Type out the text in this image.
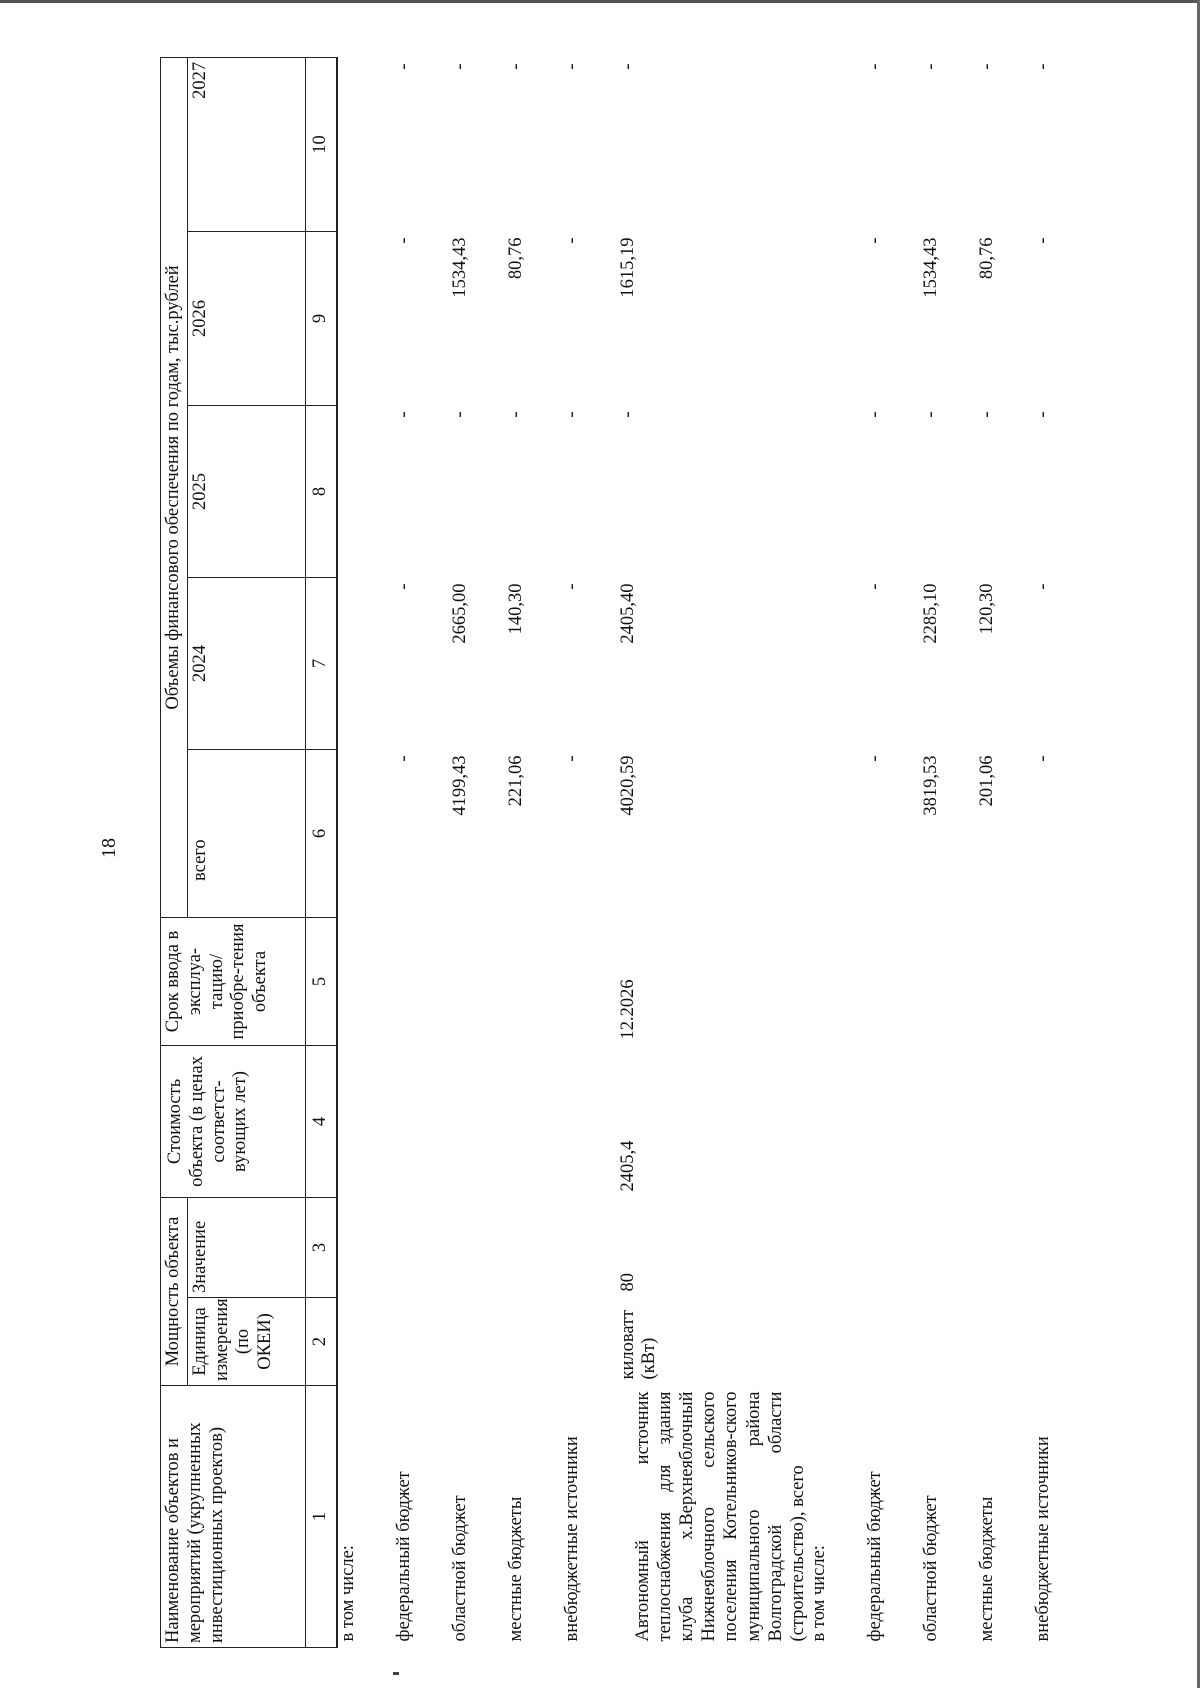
18
Наименование объектов и мероприятий (укрупненных инвестиционных проектов)	Мощность объекта		Стоимость объекта (в ценах соответст-вующих лет)	Срок ввода в эксплуа-тацию/ приобре-тения объекта	Объемы финансового обеспечения по годам, тыс.рублей				
	Единица измерения (по ОКЕИ)	Значение			всего	2024	2025	2026	2027
1	2	3	4	5	6	7	8	9	10
в том числе:									
федеральный бюджет					-	-	-	-	-
областной бюджет					4199,43	2665,00	-	1534,43	-
местные бюджеты					221,06	140,30	-	80,76	-
внебюджетные источники					-	-	-	-	-
Автономный источник теплоснабжения для здания клуба х.Верхнеяблочный Нижнеяблочного сельского поселения Котельников-ского муниципального района Волгоградской области (строительство), всего	киловатт (кВт)	80	2405,4	12.2026	4020,59	2405,40	-	1615,19	-
в том числе:									
федеральный бюджет					-	-	-	-	-
областной бюджет					3819,53	2285,10	-	1534,43	-
местные бюджеты					201,06	120,30	-	80,76	-
внебюджетные источники					-	-	-	-	-
